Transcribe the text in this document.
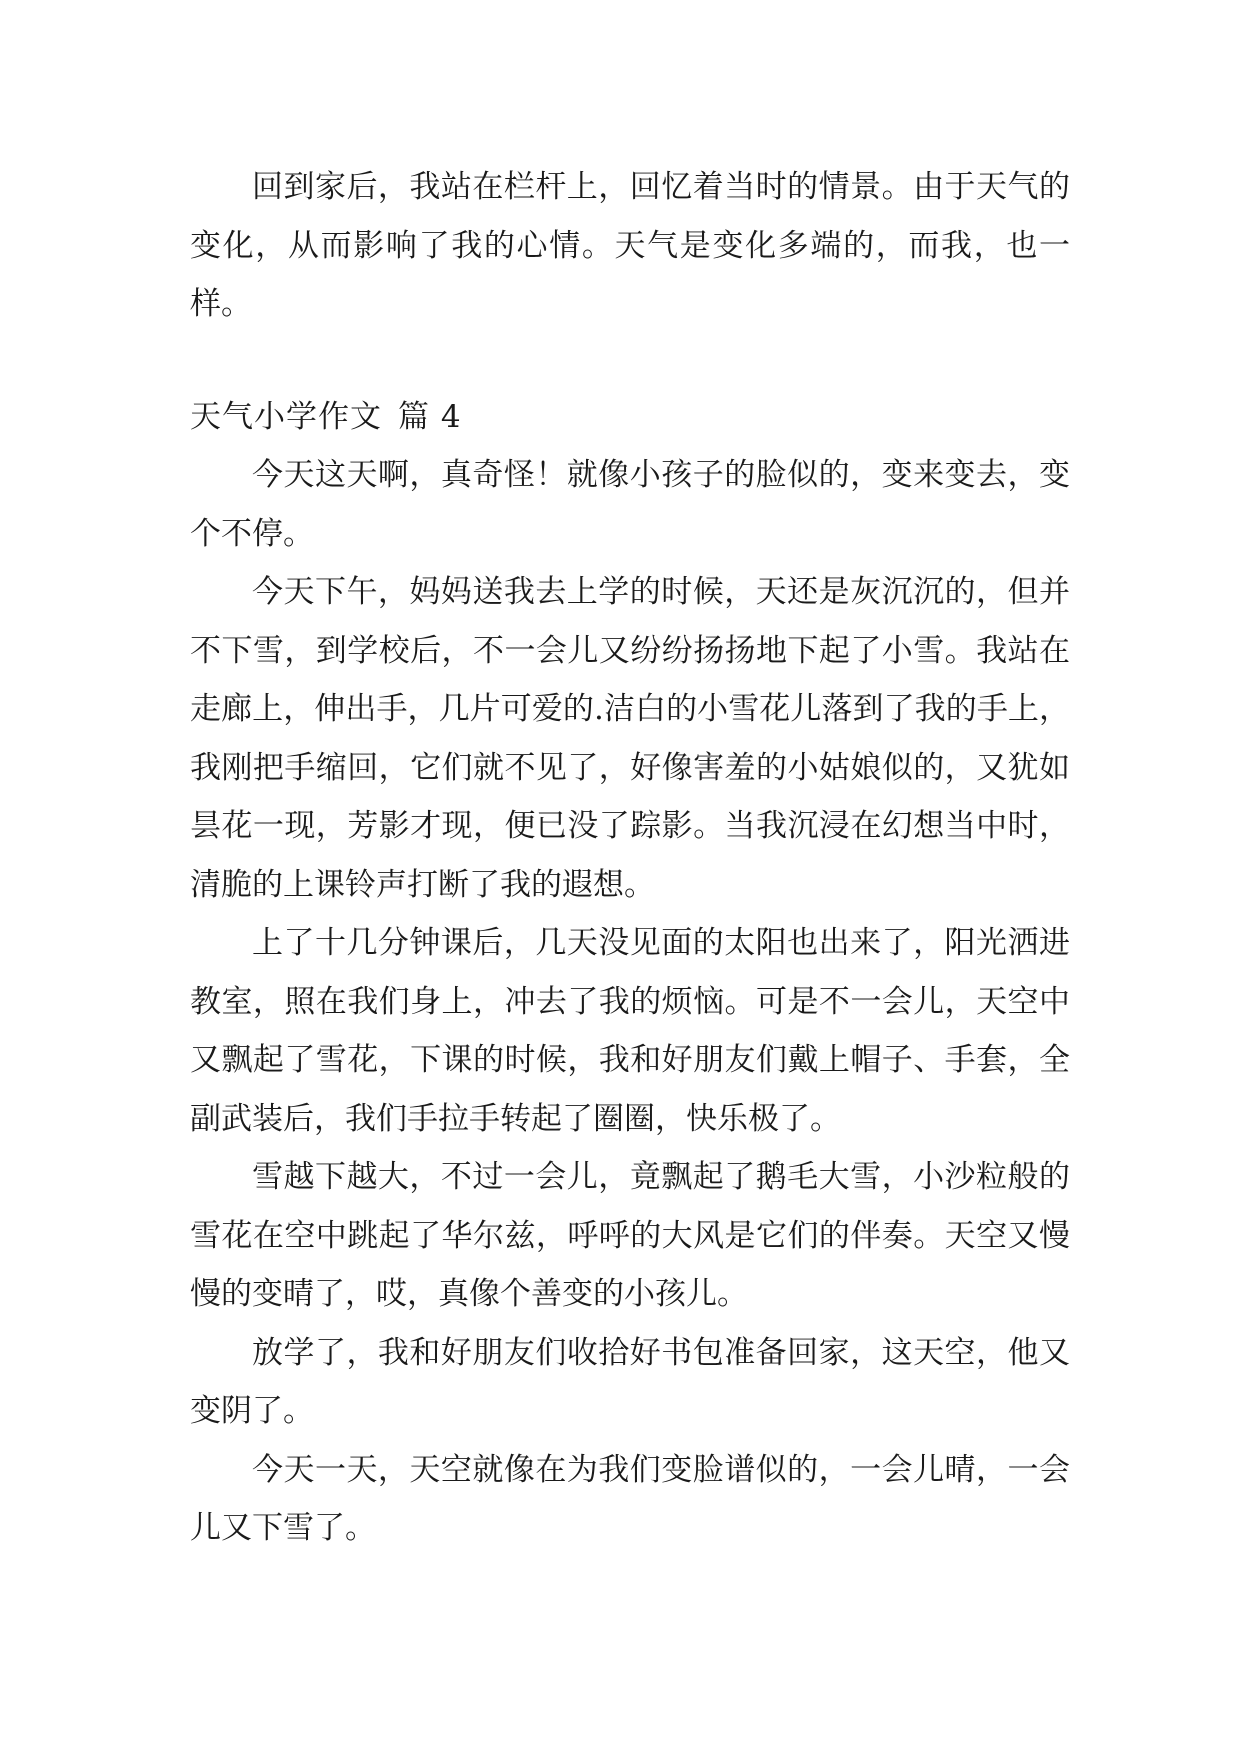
回到家后，我站在栏杆上，回忆着当时的情景。由于天气的变化，从而影响了我的心情。天气是变化多端的，而我，也一样。

天气小学作文 篇 4

今天这天啊，真奇怪！就像小孩子的脸似的，变来变去，变个不停。

今天下午，妈妈送我去上学的时候，天还是灰沉沉的，但并不下雪，到学校后，不一会儿又纷纷扬扬地下起了小雪。我站在走廊上，伸出手，几片可爱的.洁白的小雪花儿落到了我的手上，我刚把手缩回，它们就不见了，好像害羞的小姑娘似的，又犹如昙花一现，芳影才现，便已没了踪影。当我沉浸在幻想当中时，清脆的上课铃声打断了我的遐想。

上了十几分钟课后，几天没见面的太阳也出来了，阳光洒进教室，照在我们身上，冲去了我的烦恼。可是不一会儿，天空中又飘起了雪花，下课的时候，我和好朋友们戴上帽子、手套，全副武装后，我们手拉手转起了圈圈，快乐极了。

雪越下越大，不过一会儿，竟飘起了鹅毛大雪，小沙粒般的雪花在空中跳起了华尔兹，呼呼的大风是它们的伴奏。天空又慢慢的变晴了，哎，真像个善变的小孩儿。

放学了，我和好朋友们收拾好书包准备回家，这天空，他又变阴了。

今天一天，天空就像在为我们变脸谱似的，一会儿晴，一会儿又下雪了。
